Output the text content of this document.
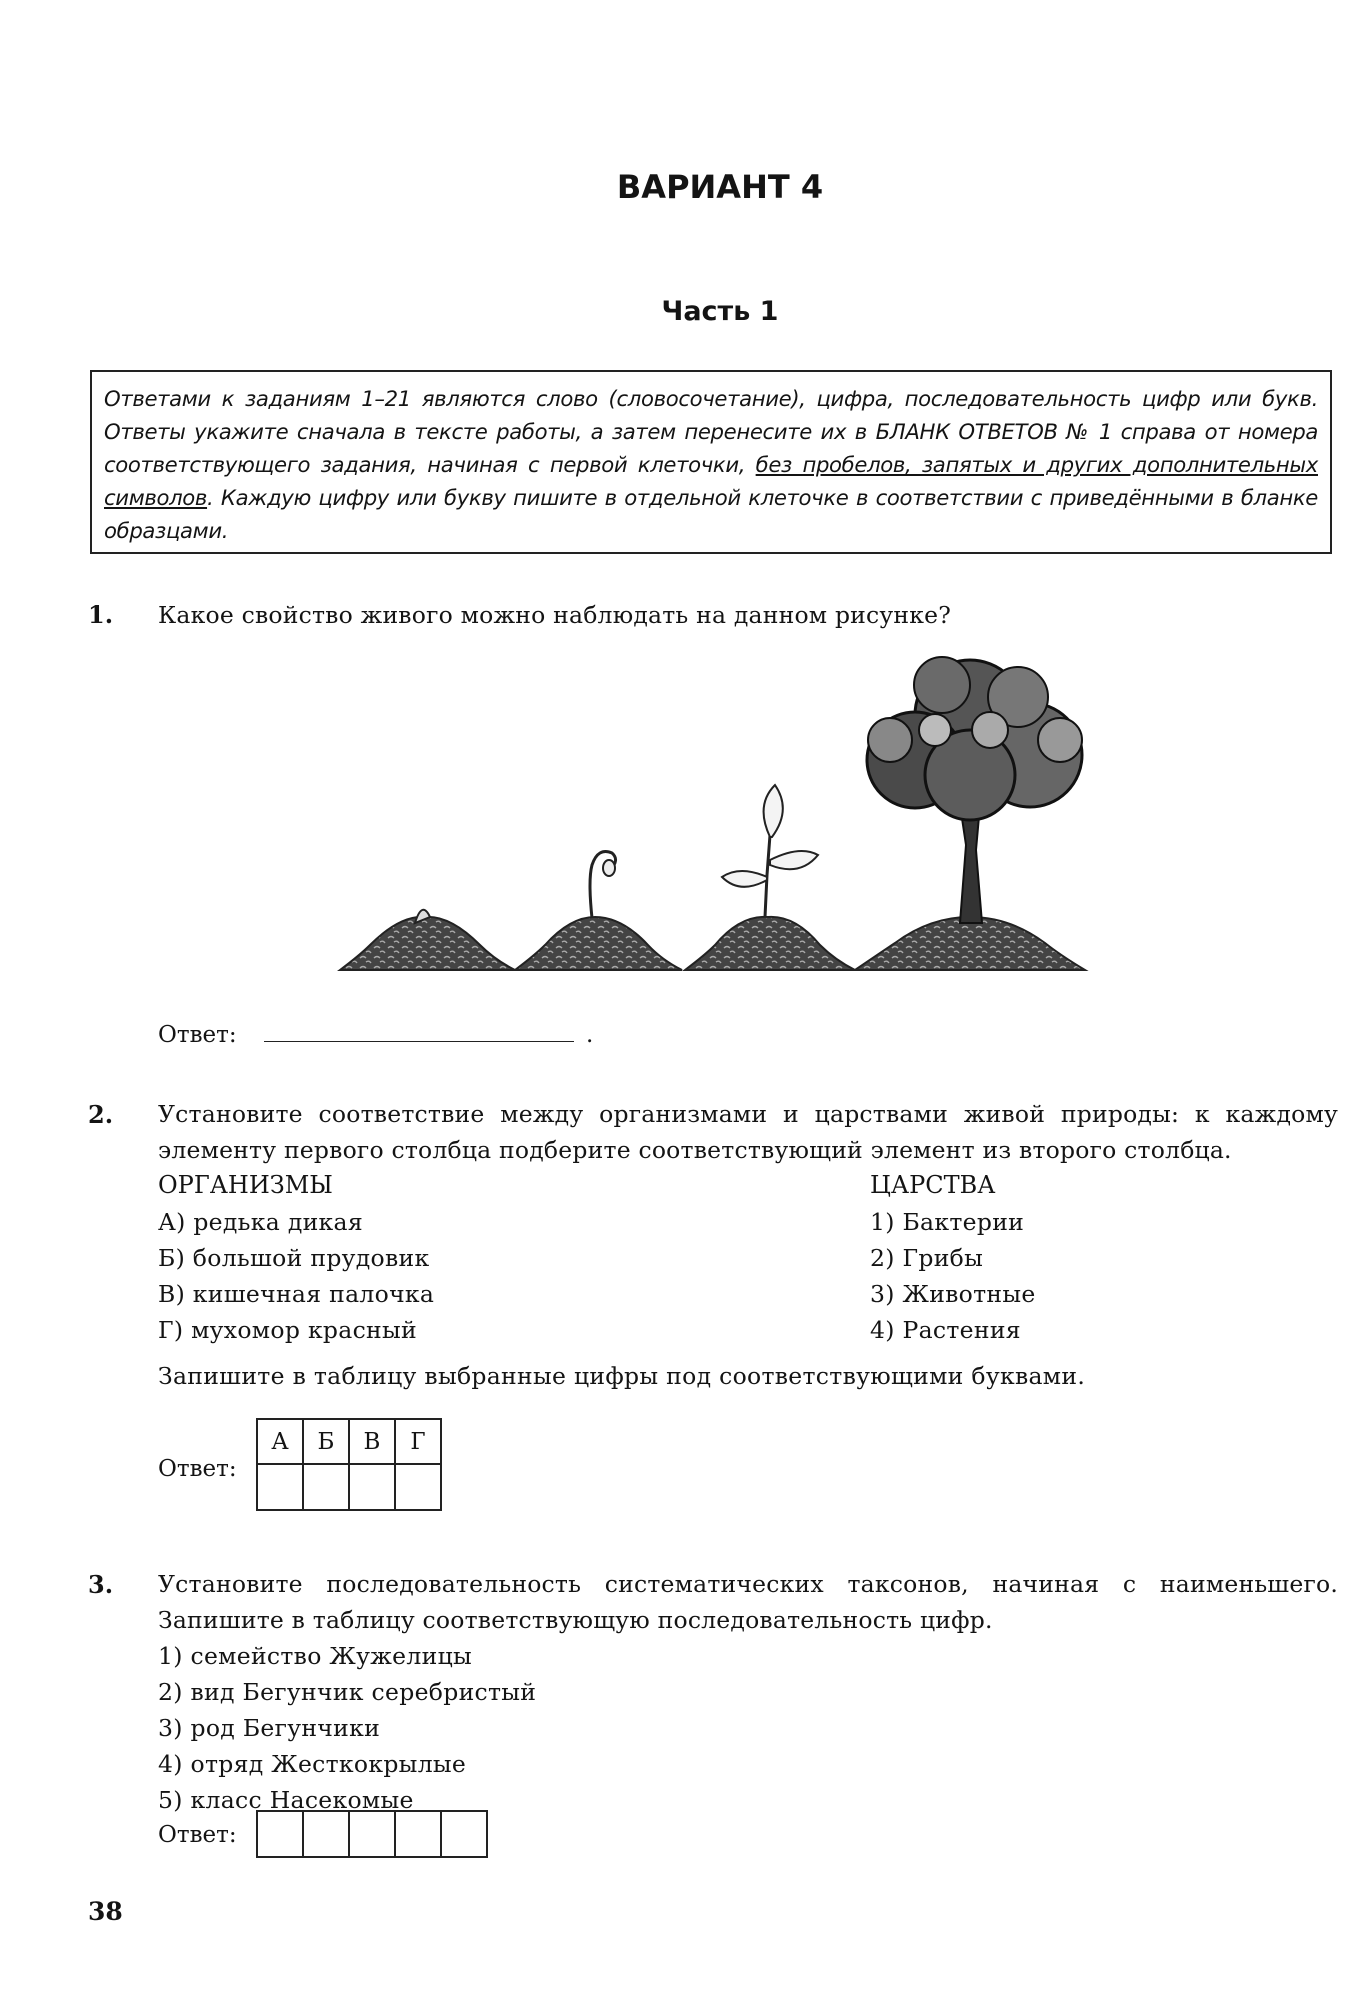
ВАРИАНТ 4
Часть 1
Ответами к заданиям 1–21 являются слово (словосочетание), цифра, последовательность цифр или букв. Ответы укажите сначала в тексте работы, а затем перенесите их в БЛАНК ОТВЕТОВ № 1 справа от номера соответствующего задания, начиная с первой клеточки, без пробелов, запятых и других дополнительных символов. Каждую цифру или букву пишите в отдельной клеточке в соответствии с приведёнными в бланке образцами.
1. Какое свойство живого можно наблюдать на данном рисунке?
Ответ:	.
2. Установите соответствие между организмами и царствами живой природы: к каждому элементу первого столбца подберите соответствующий элемент из второго столбца.
ОРГАНИЗМЫ	ЦАРСТВА
А) редька дикая
Б) большой прудовик
В) кишечная палочка
Г) мухомор красный
1) Бактерии
2) Грибы
3) Животные
4) Растения
Запишите в таблицу выбранные цифры под соответствующими буквами.
Ответ:
А	Б	В	Г

3. Установите последовательность систематических таксонов, начиная с наименьшего. Запишите в таблицу соответствующую последовательность цифр.
1) семейство Жужелицы
2) вид Бегунчик серебристый
3) род Бегунчики
4) отряд Жесткокрылые
5) класс Насекомые
Ответ:

38
